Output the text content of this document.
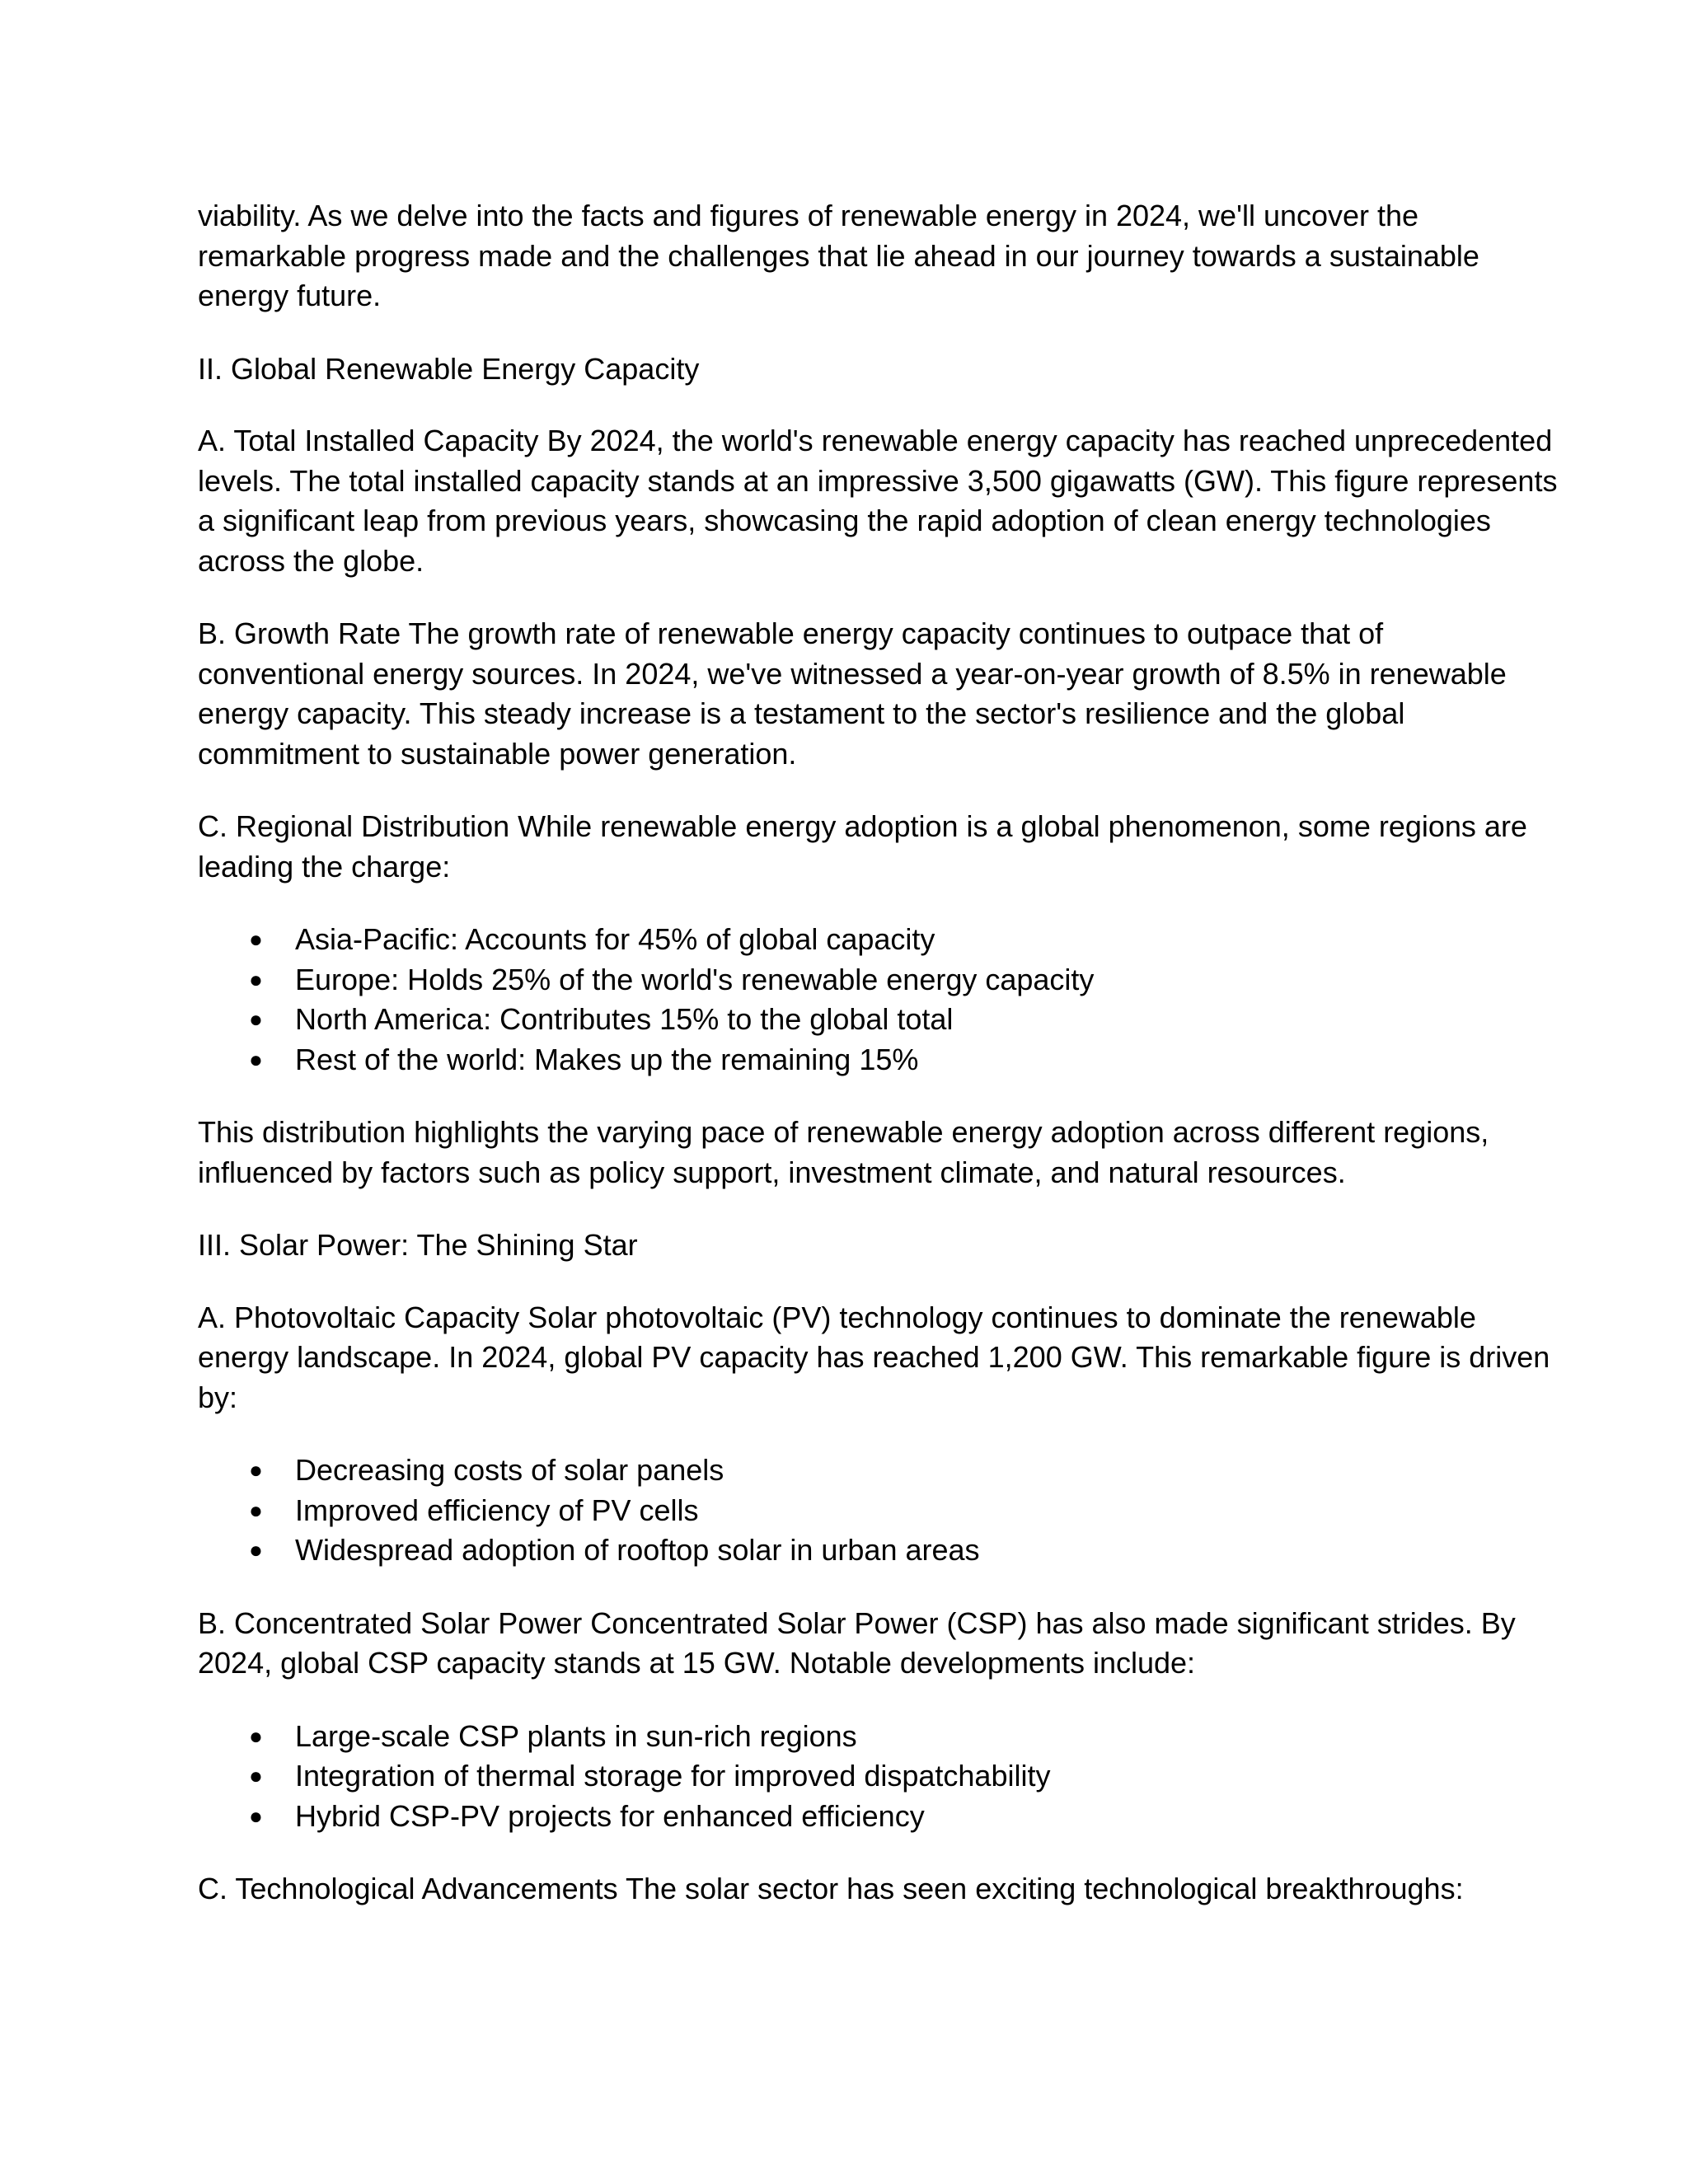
viability. As we delve into the facts and figures of renewable energy in 2024, we'll uncover the remarkable progress made and the challenges that lie ahead in our journey towards a sustainable energy future.

II. Global Renewable Energy Capacity

A. Total Installed Capacity By 2024, the world's renewable energy capacity has reached unprecedented levels. The total installed capacity stands at an impressive 3,500 gigawatts (GW). This figure represents a significant leap from previous years, showcasing the rapid adoption of clean energy technologies across the globe.

B. Growth Rate The growth rate of renewable energy capacity continues to outpace that of conventional energy sources. In 2024, we've witnessed a year-on-year growth of 8.5% in renewable energy capacity. This steady increase is a testament to the sector's resilience and the global commitment to sustainable power generation.

C. Regional Distribution While renewable energy adoption is a global phenomenon, some regions are leading the charge:

● Asia-Pacific: Accounts for 45% of global capacity
● Europe: Holds 25% of the world's renewable energy capacity
● North America: Contributes 15% to the global total
● Rest of the world: Makes up the remaining 15%

This distribution highlights the varying pace of renewable energy adoption across different regions, influenced by factors such as policy support, investment climate, and natural resources.

III. Solar Power: The Shining Star

A. Photovoltaic Capacity Solar photovoltaic (PV) technology continues to dominate the renewable energy landscape. In 2024, global PV capacity has reached 1,200 GW. This remarkable figure is driven by:

● Decreasing costs of solar panels
● Improved efficiency of PV cells
● Widespread adoption of rooftop solar in urban areas

B. Concentrated Solar Power Concentrated Solar Power (CSP) has also made significant strides. By 2024, global CSP capacity stands at 15 GW. Notable developments include:

● Large-scale CSP plants in sun-rich regions
● Integration of thermal storage for improved dispatchability
● Hybrid CSP-PV projects for enhanced efficiency

C. Technological Advancements The solar sector has seen exciting technological breakthroughs:
